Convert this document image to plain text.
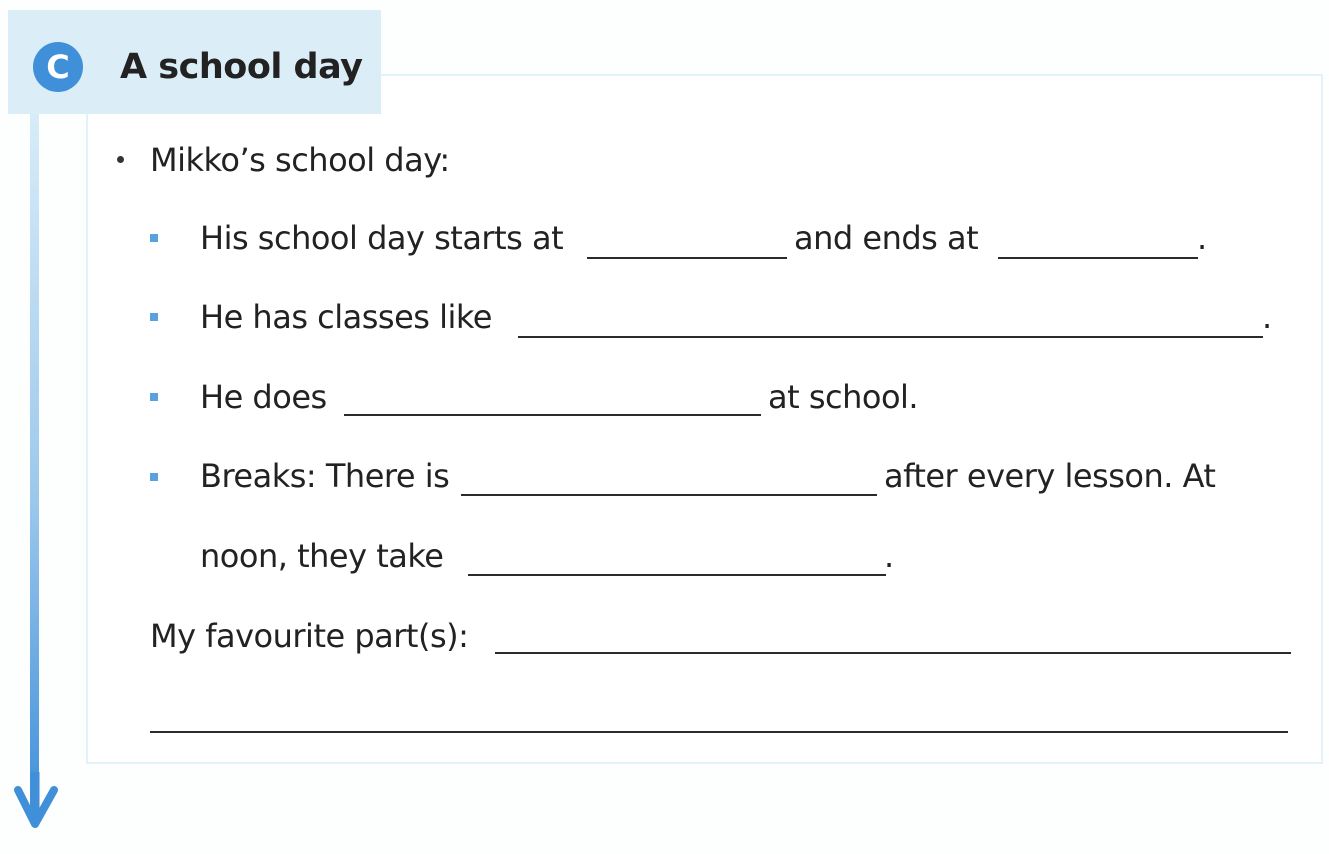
C	A school day
Mikko’s school day:
His school day starts at	and ends at	.
He has classes like	.
He does	at school.
Breaks: There is	after every lesson. At
noon, they take	.
My favourite part(s):
